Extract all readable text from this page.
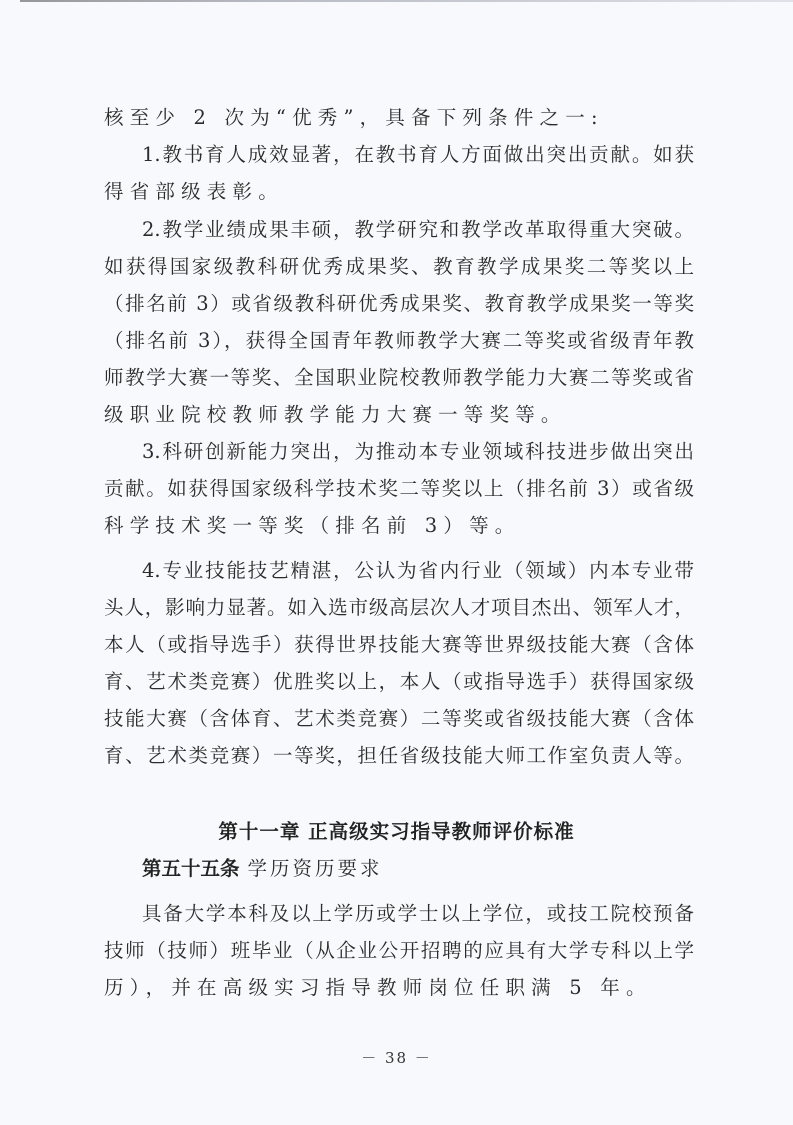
核至少 2 次为“优秀”，具备下列条件之一:
1.教书育人成效显著，在教书育人方面做出突出贡献。如获
得省部级表彰。
2.教学业绩成果丰硕，教学研究和教学改革取得重大突破。
如获得国家级教科研优秀成果奖、教育教学成果奖二等奖以上
（排名前 3）或省级教科研优秀成果奖、教育教学成果奖一等奖
（排名前 3），获得全国青年教师教学大赛二等奖或省级青年教
师教学大赛一等奖、全国职业院校教师教学能力大赛二等奖或省
级职业院校教师教学能力大赛一等奖等。
3.科研创新能力突出，为推动本专业领域科技进步做出突出
贡献。如获得国家级科学技术奖二等奖以上（排名前 3）或省级
科学技术奖一等奖（排名前 3）等。
4.专业技能技艺精湛，公认为省内行业（领域）内本专业带
头人，影响力显著。如入选市级高层次人才项目杰出、领军人才，
本人（或指导选手）获得世界技能大赛等世界级技能大赛（含体
育、艺术类竞赛）优胜奖以上，本人（或指导选手）获得国家级
技能大赛（含体育、艺术类竞赛）二等奖或省级技能大赛（含体
育、艺术类竞赛）一等奖，担任省级技能大师工作室负责人等。
第十一章 正高级实习指导教师评价标准
第五十五条 学历资历要求
具备大学本科及以上学历或学士以上学位，或技工院校预备
技师（技师）班毕业（从企业公开招聘的应具有大学专科以上学
历），并在高级实习指导教师岗位任职满 5 年。
－ 38 －
